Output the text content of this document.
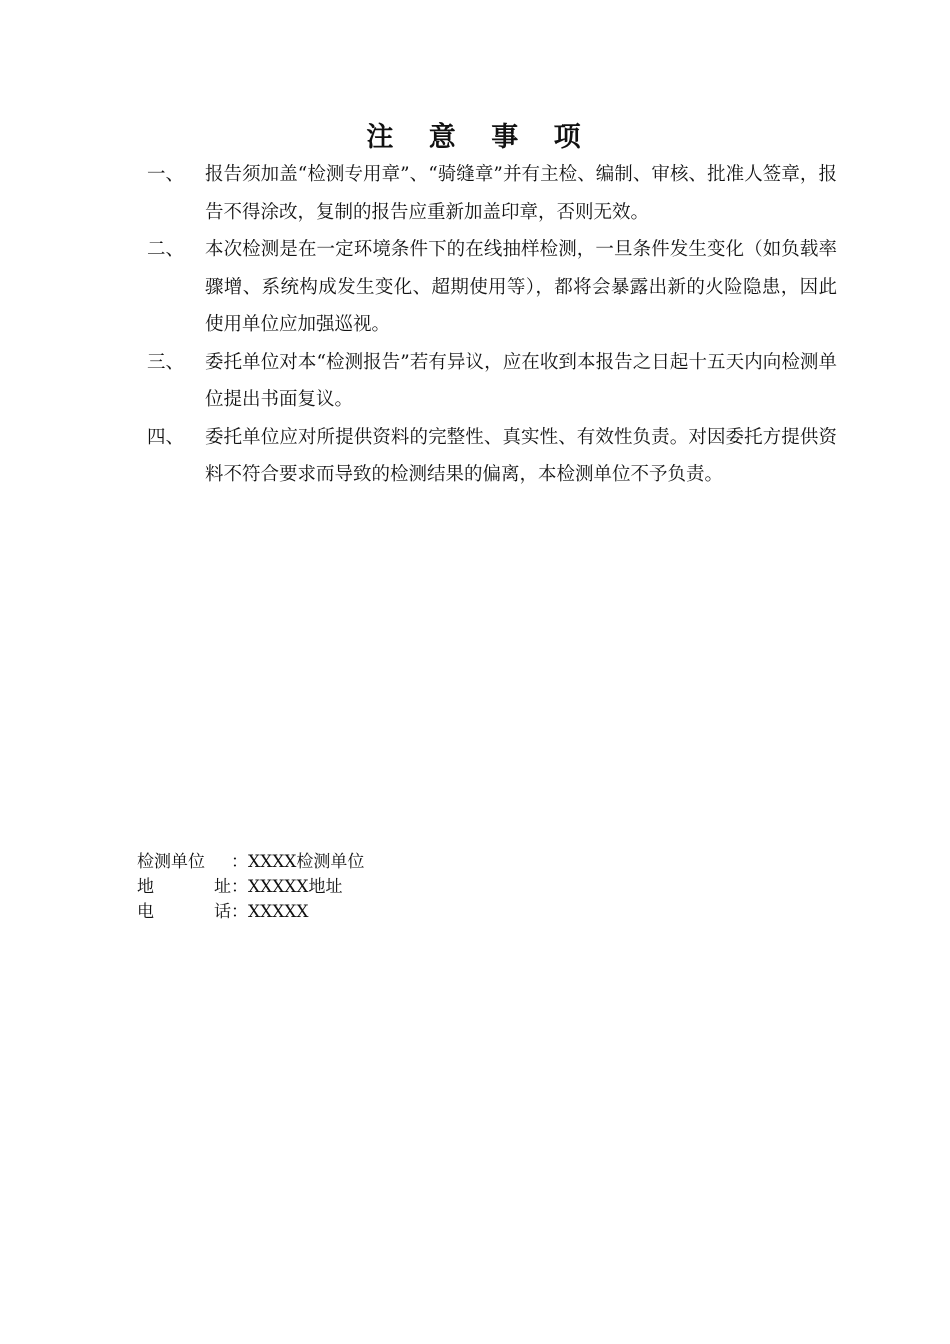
注 意 事 项
一、	报告须加盖“检测专用章”、“骑缝章”并有主检、编制、审核、批准人签章，报告不得涂改，复制的报告应重新加盖印章，否则无效。
二、	本次检测是在一定环境条件下的在线抽样检测，一旦条件发生变化（如负载率骤增、系统构成发生变化、超期使用等），都将会暴露出新的火险隐患，因此使用单位应加强巡视。
三、	委托单位对本“检测报告”若有异议，应在收到本报告之日起十五天内向检测单位提出书面复议。
四、	委托单位应对所提供资料的完整性、真实性、有效性负责。对因委托方提供资料不符合要求而导致的检测结果的偏离，本检测单位不予负责。
检测单位 ：XXXX检测单位
地	址 ：XXXXX地址
电	话 ：XXXXX
